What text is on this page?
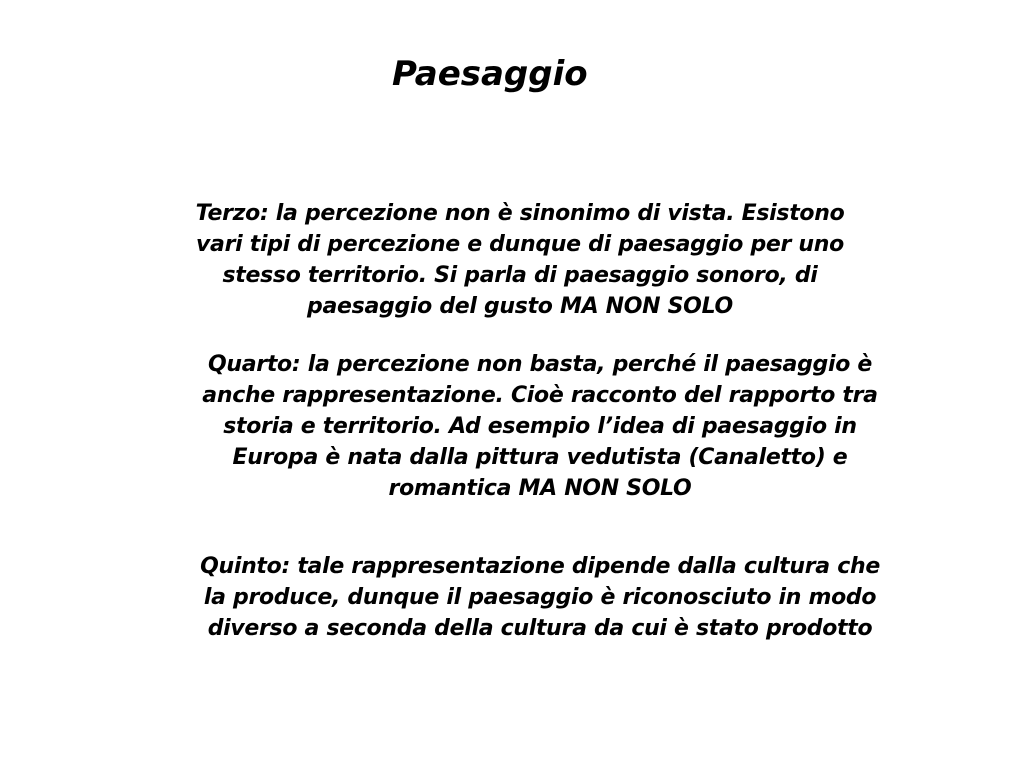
Paesaggio

Terzo: la percezione non è sinonimo di vista. Esistono
vari tipi di percezione e dunque di paesaggio per uno
stesso territorio. Si parla di paesaggio sonoro, di
paesaggio del gusto MA NON SOLO

Quarto: la percezione non basta, perché il paesaggio è
anche rappresentazione. Cioè racconto del rapporto tra
storia e territorio. Ad esempio l’idea di paesaggio in
Europa è nata dalla pittura vedutista (Canaletto) e
romantica MA NON SOLO

Quinto: tale rappresentazione dipende dalla cultura che
la produce, dunque il paesaggio è riconosciuto in modo
diverso a seconda della cultura da cui è stato prodotto
